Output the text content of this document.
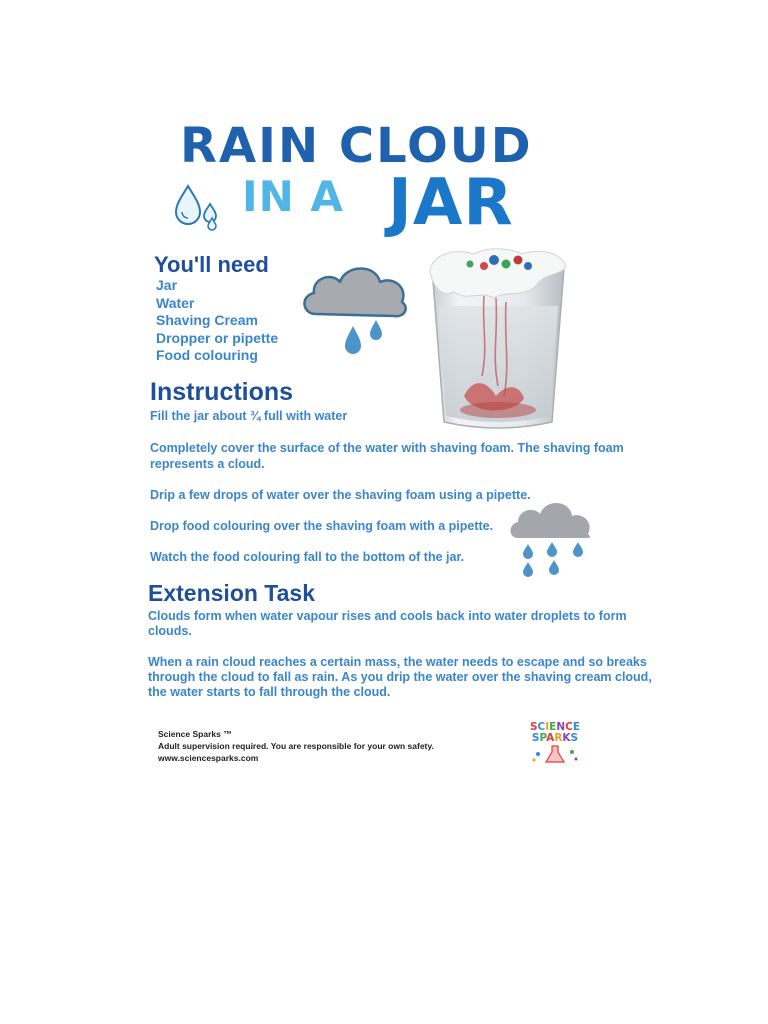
RAIN CLOUD
IN A JAR
You'll need
Jar
Water
Shaving Cream
Dropper or pipette
Food colouring
Instructions
Fill the jar about ¾ full with water
Completely cover the surface of the water with shaving foam. The shaving foam
represents a cloud.
Drip a few drops of water over the shaving foam using a pipette.
Drop food colouring over the shaving foam with a pipette.
Watch the food colouring fall to the bottom of the jar.
Extension Task
Clouds form when water vapour rises and cools back into water droplets to form
clouds.
When a rain cloud reaches a certain mass, the water needs to escape and so breaks
through the cloud to fall as rain. As you drip the water over the shaving cream cloud,
the water starts to fall through the cloud.
Science Sparks ™
Adult supervision required. You are responsible for your own safety.
www.sciencesparks.com
SCIENCE
SPARKS
